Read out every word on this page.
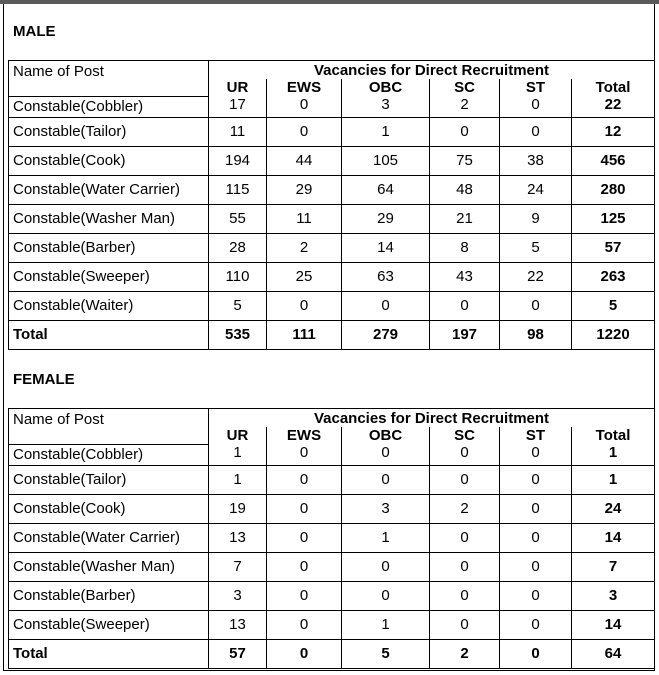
MALE
Name of Post	Vacancies for Direct Recruitment					
	UR	EWS	OBC	SC	ST	Total
Constable(Cobbler)	17	0	3	2	0	22
Constable(Tailor)	11	0	1	0	0	12
Constable(Cook)	194	44	105	75	38	456
Constable(Water Carrier)	115	29	64	48	24	280
Constable(Washer Man)	55	11	29	21	9	125
Constable(Barber)	28	2	14	8	5	57
Constable(Sweeper)	110	25	63	43	22	263
Constable(Waiter)	5	0	0	0	0	5
Total	535	111	279	197	98	1220
FEMALE
Name of Post	Vacancies for Direct Recruitment					
	UR	EWS	OBC	SC	ST	Total
Constable(Cobbler)	1	0	0	0	0	1
Constable(Tailor)	1	0	0	0	0	1
Constable(Cook)	19	0	3	2	0	24
Constable(Water Carrier)	13	0	1	0	0	14
Constable(Washer Man)	7	0	0	0	0	7
Constable(Barber)	3	0	0	0	0	3
Constable(Sweeper)	13	0	1	0	0	14
Total	57	0	5	2	0	64
